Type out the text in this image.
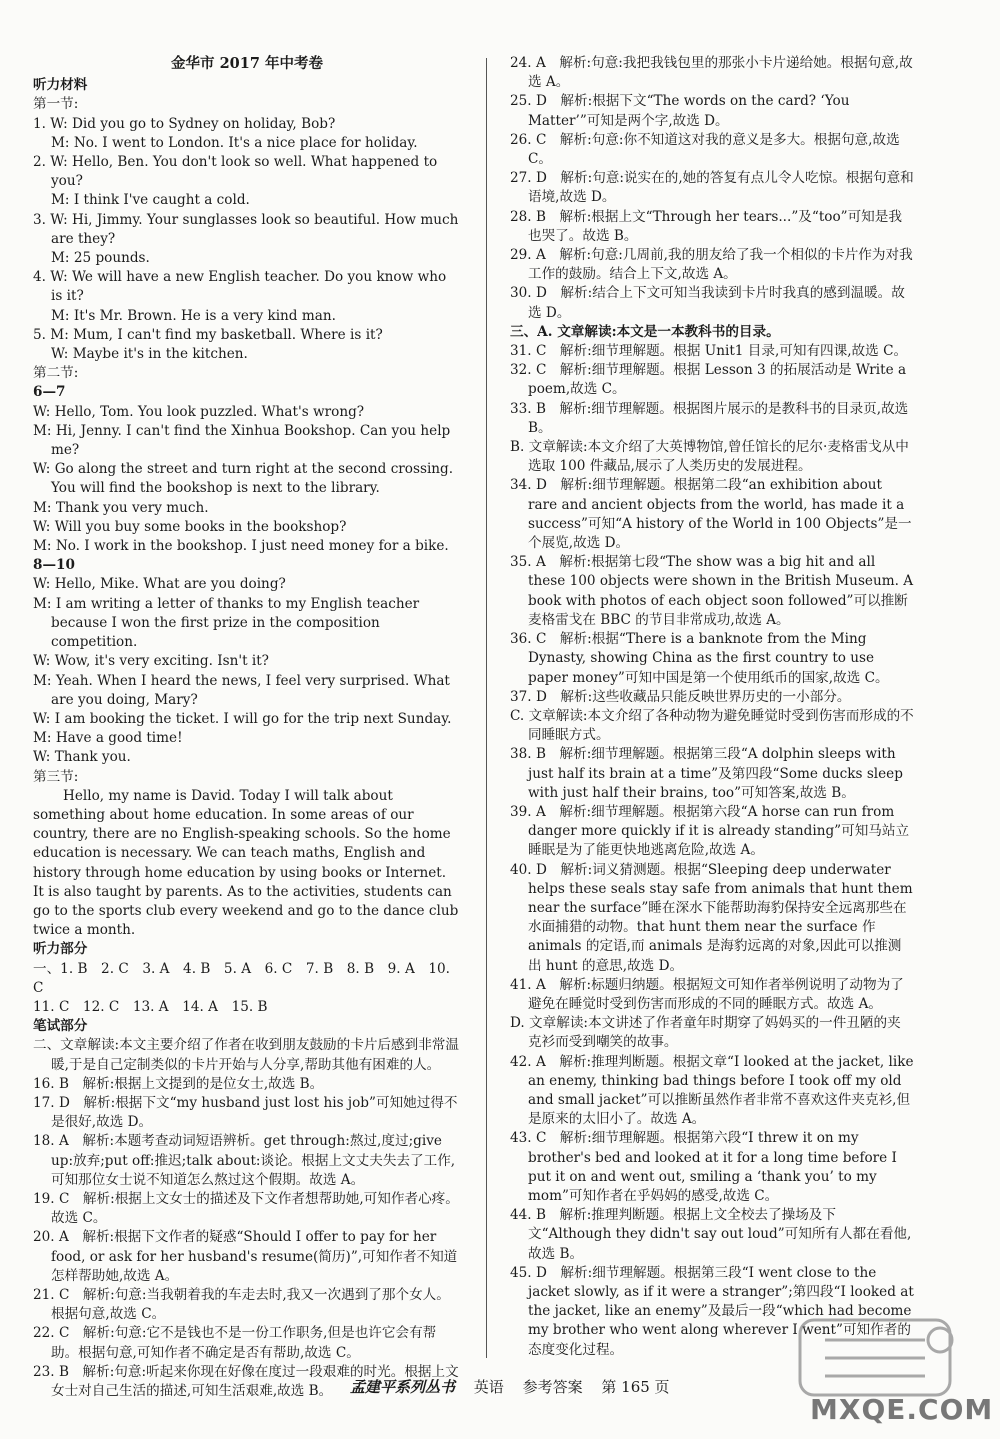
金华市 2017 年中考卷
听力材料
第一节:
1. W: Did you go to Sydney on holiday, Bob?
M: No. I went to London. It's a nice place for holiday.
2. W: Hello, Ben. You don't look so well. What happened to you?
M: I think I've caught a cold.
3. W: Hi, Jimmy. Your sunglasses look so beautiful. How much are they?
M: 25 pounds.
4. W: We will have a new English teacher. Do you know who is it?
M: It's Mr. Brown. He is a very kind man.
5. M: Mum, I can't find my basketball. Where is it?
W: Maybe it's in the kitchen.
第二节:
6—7
W: Hello, Tom. You look puzzled. What's wrong?
M: Hi, Jenny. I can't find the Xinhua Bookshop. Can you help me?
W: Go along the street and turn right at the second crossing. You will find the bookshop is next to the library.
M: Thank you very much.
W: Will you buy some books in the bookshop?
M: No. I work in the bookshop. I just need money for a bike.
8—10
W: Hello, Mike. What are you doing?
M: I am writing a letter of thanks to my English teacher because I won the first prize in the composition competition.
W: Wow, it's very exciting. Isn't it?
M: Yeah. When I heard the news, I feel very surprised. What are you doing, Mary?
W: I am booking the ticket. I will go for the trip next Sunday.
M: Have a good time!
W: Thank you.
第三节:
Hello, my name is David. Today I will talk about something about home education. In some areas of our country, there are no English-speaking schools. So the home education is necessary. We can teach maths, English and history through home education by using books or Internet. It is also taught by parents. As to the activities, students can go to the sports club every weekend and go to the dance club twice a month.
听力部分
一、1. B　2. C　3. A　4. B　5. A　6. C　7. B　8. B　9. A　10. C
11. C　12. C　13. A　14. A　15. B
笔试部分
二、文章解读:本文主要介绍了作者在收到朋友鼓励的卡片后感到非常温暖,于是自己定制类似的卡片开始与人分享,帮助其他有困难的人。
16. B　解析:根据上文提到的是位女士,故选 B。
17. D　解析:根据下文“my husband just lost his job”可知她过得不是很好,故选 D。
18. A　解析:本题考查动词短语辨析。get through:熬过,度过;give up:放弃;put off:推迟;talk about:谈论。根据上文丈夫失去了工作,可知那位女士说不知道怎么熬过这个假期。故选 A。
19. C　解析:根据上文女士的描述及下文作者想帮助她,可知作者心疼。故选 C。
20. A　解析:根据下文作者的疑惑“Should I offer to pay for her food, or ask for her husband's resume(简历)”,可知作者不知道怎样帮助她,故选 A。
21. C　解析:句意:当我朝着我的车走去时,我又一次遇到了那个女人。根据句意,故选 C。
22. C　解析:句意:它不是钱也不是一份工作职务,但是也许它会有帮助。根据句意,可知作者不确定是否有帮助,故选 C。
23. B　解析:句意:听起来你现在好像在度过一段艰难的时光。根据上文女士对自己生活的描述,可知生活艰难,故选 B。
24. A　解析:句意:我把我钱包里的那张小卡片递给她。根据句意,故选 A。
25. D　解析:根据下文“The words on the card? ‘You Matter’”可知是两个字,故选 D。
26. C　解析:句意:你不知道这对我的意义是多大。根据句意,故选 C。
27. D　解析:句意:说实在的,她的答复有点儿令人吃惊。根据句意和语境,故选 D。
28. B　解析:根据上文“Through her tears...”及“too”可知是我也哭了。故选 B。
29. A　解析:句意:几周前,我的朋友给了我一个相似的卡片作为对我工作的鼓励。结合上下文,故选 A。
30. D　解析:结合上下文可知当我读到卡片时我真的感到温暖。故选 D。
三、A. 文章解读:本文是一本教科书的目录。
31. C　解析:细节理解题。根据 Unit1 目录,可知有四课,故选 C。
32. C　解析:细节理解题。根据 Lesson 3 的拓展活动是 Write a poem,故选 C。
33. B　解析:细节理解题。根据图片展示的是教科书的目录页,故选 B。
B. 文章解读:本文介绍了大英博物馆,曾任馆长的尼尔·麦格雷戈从中选取 100 件藏品,展示了人类历史的发展进程。
34. D　解析:细节理解题。根据第二段“an exhibition about rare and ancient objects from the world, has made it a success”可知“A history of the World in 100 Objects”是一个展览,故选 D。
35. A　解析:根据第七段“The show was a big hit and all these 100 objects were shown in the British Museum. A book with photos of each object soon followed”可以推断麦格雷戈在 BBC 的节目非常成功,故选 A。
36. C　解析:根据“There is a banknote from the Ming Dynasty, showing China as the first country to use paper money”可知中国是第一个使用纸币的国家,故选 C。
37. D　解析:这些收藏品只能反映世界历史的一小部分。
C. 文章解读:本文介绍了各种动物为避免睡觉时受到伤害而形成的不同睡眠方式。
38. B　解析:细节理解题。根据第三段“A dolphin sleeps with just half its brain at a time”及第四段“Some ducks sleep with just half their brains, too”可知答案,故选 B。
39. A　解析:细节理解题。根据第六段“A horse can run from danger more quickly if it is already standing”可知马站立睡眠是为了能更快地逃离危险,故选 A。
40. D　解析:词义猜测题。根据“Sleeping deep underwater helps these seals stay safe from animals that hunt them near the surface”睡在深水下能帮助海豹保持安全远离那些在水面捕猎的动物。that hunt them near the surface 作 animals 的定语,而 animals 是海豹远离的对象,因此可以推测出 hunt 的意思,故选 D。
41. A　解析:标题归纳题。根据短文可知作者举例说明了动物为了避免在睡觉时受到伤害而形成的不同的睡眠方式。故选 A。
D. 文章解读:本文讲述了作者童年时期穿了妈妈买的一件丑陋的夹克衫而受到嘲笑的故事。
42. A　解析:推理判断题。根据文章“I looked at the jacket, like an enemy, thinking bad things before I took off my old and small jacket”可以推断虽然作者非常不喜欢这件夹克衫,但是原来的太旧小了。故选 A。
43. C　解析:细节理解题。根据第六段“I threw it on my brother's bed and looked at it for a long time before I put it on and went out, smiling a ‘thank you’ to my mom”可知作者在乎妈妈的感受,故选 C。
44. B　解析:推理判断题。根据上文全校去了操场及下文“Although they didn't say out loud”可知所有人都在看他,故选 B。
45. D　解析:细节理解题。根据第三段“I went close to the jacket slowly, as if it were a stranger”;第四段“I looked at the jacket, like an enemy”及最后一段“which had become my brother who went along wherever I went”可知作者的态度变化过程。
孟建平系列丛书 英语 参考答案 第 165 页
MXQE.COM
